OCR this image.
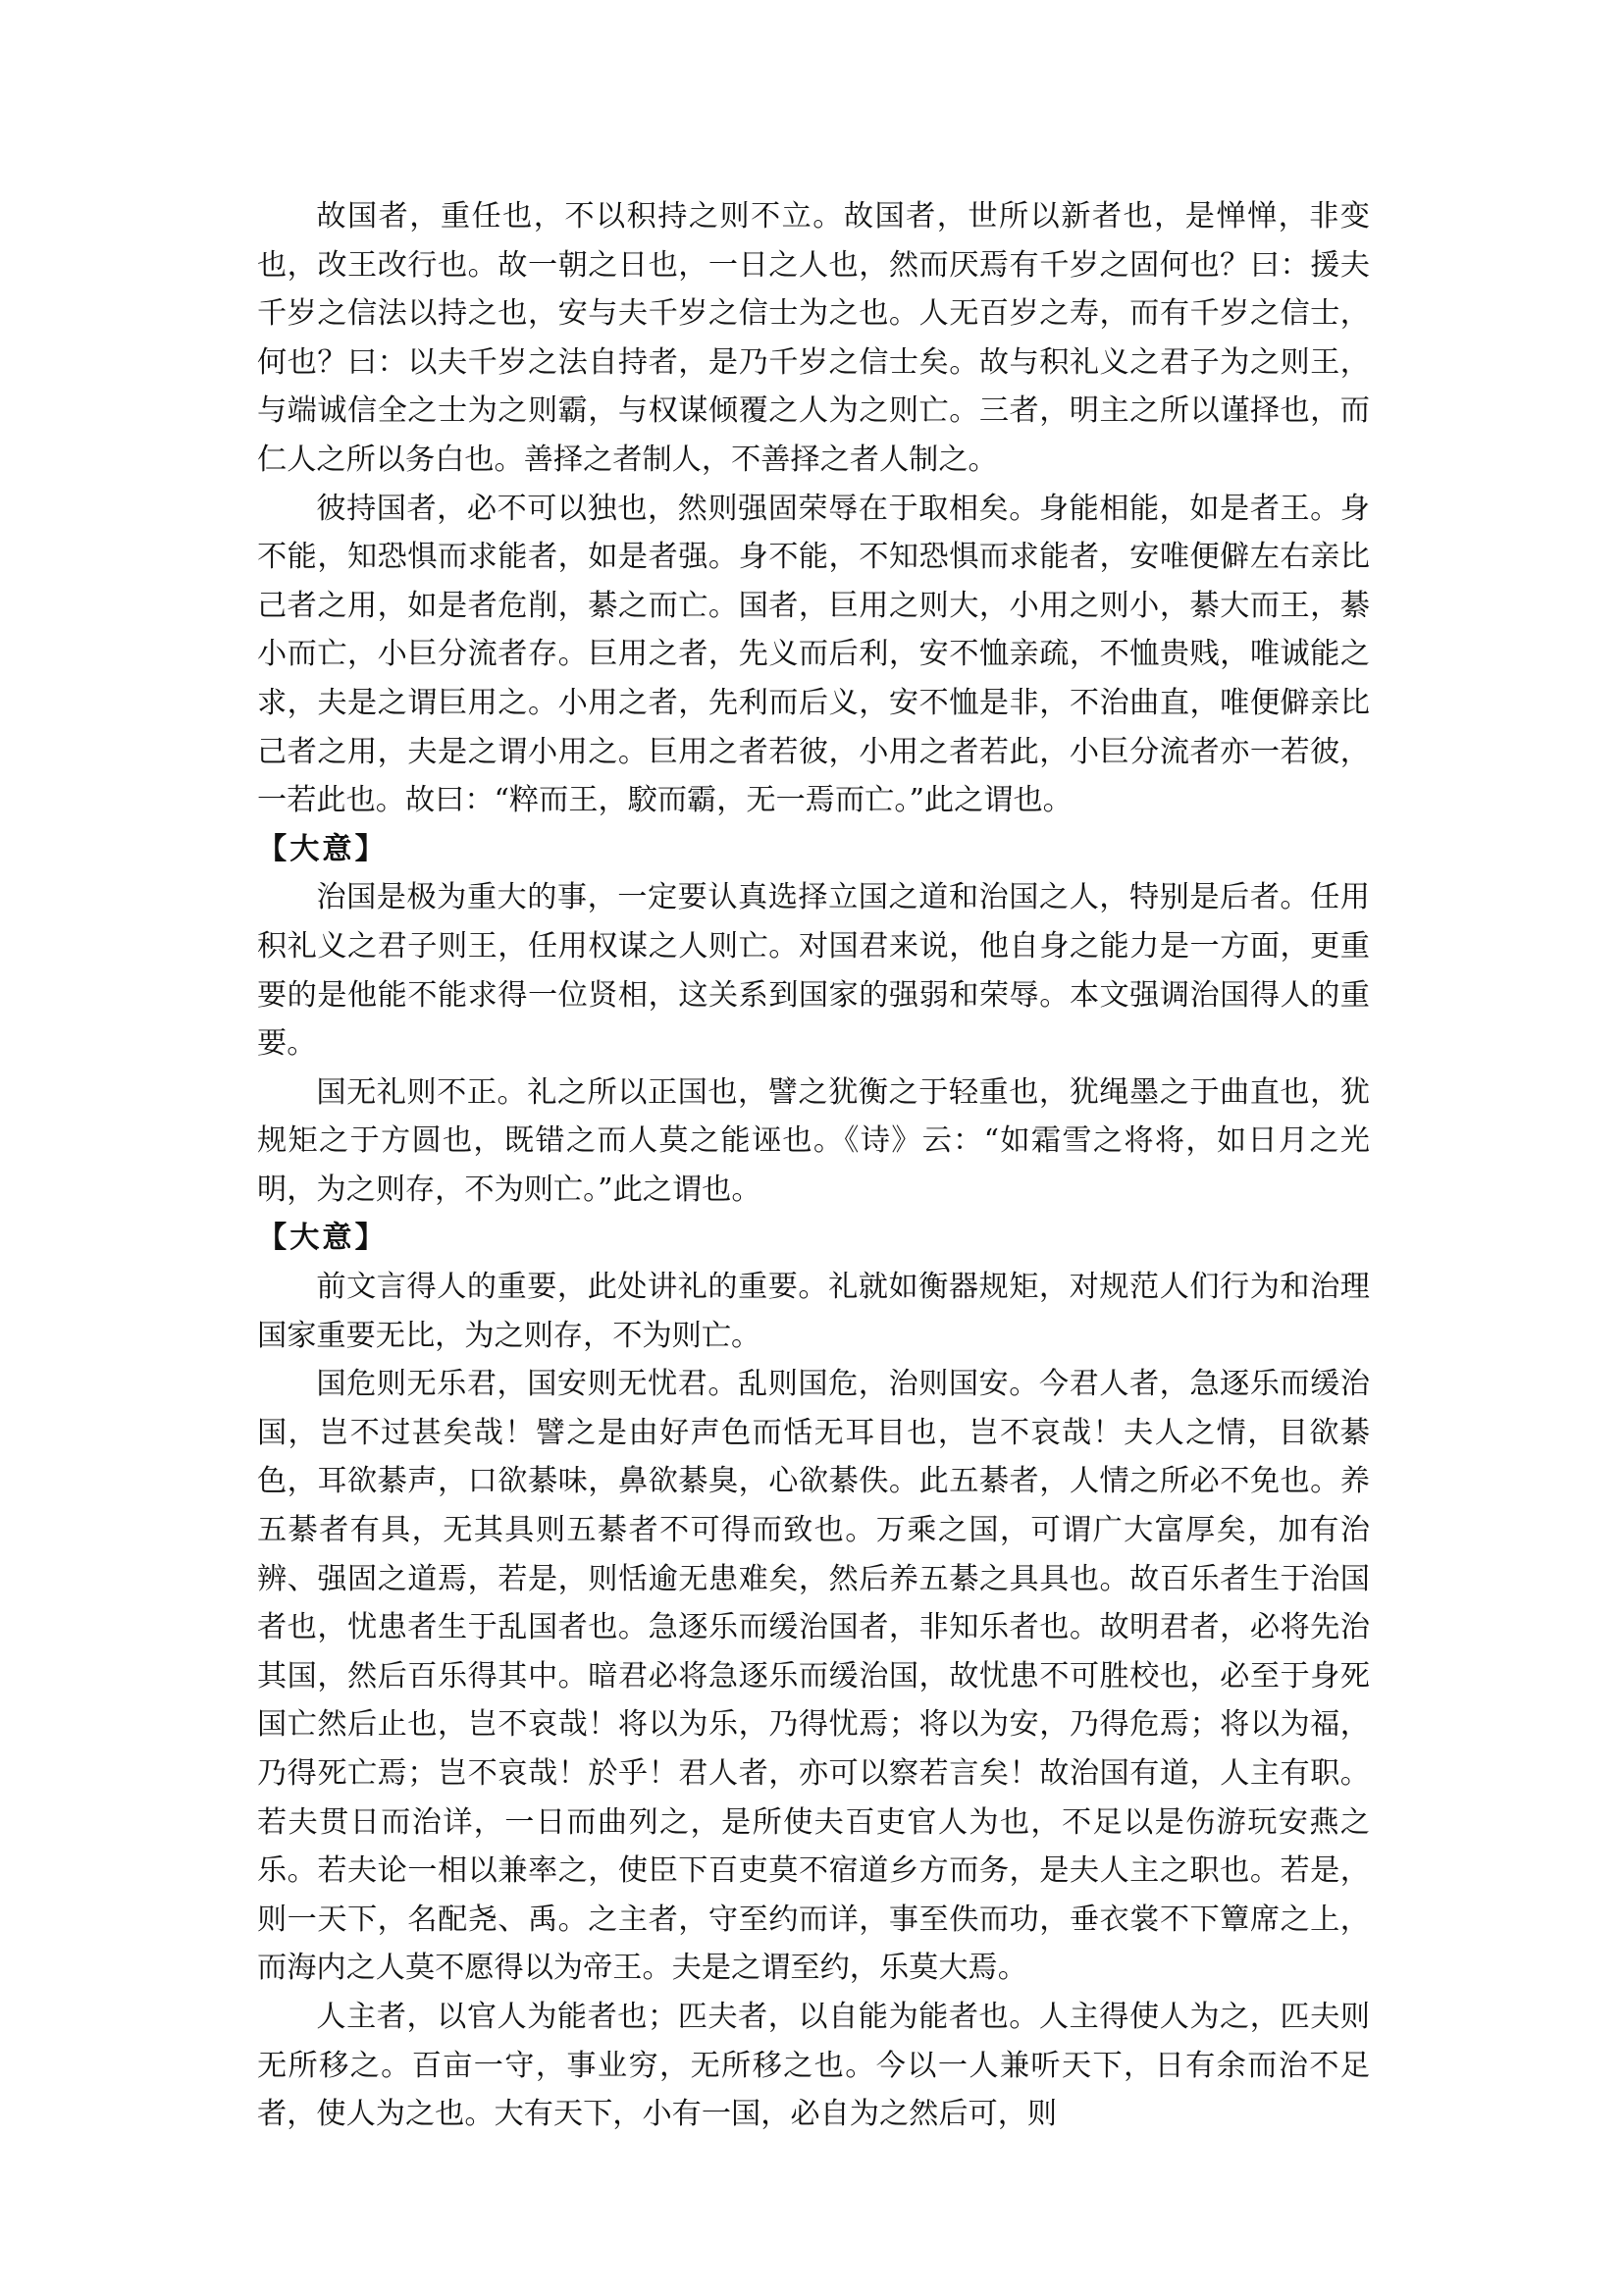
故国者，重任也，不以积持之则不立。故国者，世所以新者也，是惮惮，非变也，改王改行也。故一朝之日也，一日之人也，然而厌焉有千岁之固何也？曰：援夫千岁之信法以持之也，安与夫千岁之信士为之也。人无百岁之寿，而有千岁之信士，何也？曰：以夫千岁之法自持者，是乃千岁之信士矣。故与积礼义之君子为之则王，与端诚信全之士为之则霸，与权谋倾覆之人为之则亡。三者，明主之所以谨择也，而仁人之所以务白也。善择之者制人，不善择之者人制之。

彼持国者，必不可以独也，然则强固荣辱在于取相矣。身能相能，如是者王。身不能，知恐惧而求能者，如是者强。身不能，不知恐惧而求能者，安唯便僻左右亲比己者之用，如是者危削，綦之而亡。国者，巨用之则大，小用之则小，綦大而王，綦小而亡，小巨分流者存。巨用之者，先义而后利，安不恤亲疏，不恤贵贱，唯诚能之求，夫是之谓巨用之。小用之者，先利而后义，安不恤是非，不治曲直，唯便僻亲比己者之用，夫是之谓小用之。巨用之者若彼，小用之者若此，小巨分流者亦一若彼，一若此也。故曰：“粹而王，駮而霸，无一焉而亡。”此之谓也。

【大意】

治国是极为重大的事，一定要认真选择立国之道和治国之人，特别是后者。任用积礼义之君子则王，任用权谋之人则亡。对国君来说，他自身之能力是一方面，更重要的是他能不能求得一位贤相，这关系到国家的强弱和荣辱。本文强调治国得人的重要。

国无礼则不正。礼之所以正国也，譬之犹衡之于轻重也，犹绳墨之于曲直也，犹规矩之于方圆也，既错之而人莫之能诬也。《诗》云：“如霜雪之将将，如日月之光明，为之则存，不为则亡。”此之谓也。

【大意】

前文言得人的重要，此处讲礼的重要。礼就如衡器规矩，对规范人们行为和治理国家重要无比，为之则存，不为则亡。

国危则无乐君，国安则无忧君。乱则国危，治则国安。今君人者，急逐乐而缓治国，岂不过甚矣哉！譬之是由好声色而恬无耳目也，岂不哀哉！夫人之情，目欲綦色，耳欲綦声，口欲綦味，鼻欲綦臭，心欲綦佚。此五綦者，人情之所必不免也。养五綦者有具，无其具则五綦者不可得而致也。万乘之国，可谓广大富厚矣，加有治辨、强固之道焉，若是，则恬逾无患难矣，然后养五綦之具具也。故百乐者生于治国者也，忧患者生于乱国者也。急逐乐而缓治国者，非知乐者也。故明君者，必将先治其国，然后百乐得其中。暗君必将急逐乐而缓治国，故忧患不可胜校也，必至于身死国亡然后止也，岂不哀哉！将以为乐，乃得忧焉；将以为安，乃得危焉；将以为福，乃得死亡焉；岂不哀哉！於乎！君人者，亦可以察若言矣！故治国有道，人主有职。若夫贯日而治详，一日而曲列之，是所使夫百吏官人为也，不足以是伤游玩安燕之乐。若夫论一相以兼率之，使臣下百吏莫不宿道乡方而务，是夫人主之职也。若是，则一天下，名配尧、禹。之主者，守至约而详，事至佚而功，垂衣裳不下簟席之上，而海内之人莫不愿得以为帝王。夫是之谓至约，乐莫大焉。

人主者，以官人为能者也；匹夫者，以自能为能者也。人主得使人为之，匹夫则无所移之。百亩一守，事业穷，无所移之也。今以一人兼听天下，日有余而治不足者，使人为之也。大有天下，小有一国，必自为之然后可，则
